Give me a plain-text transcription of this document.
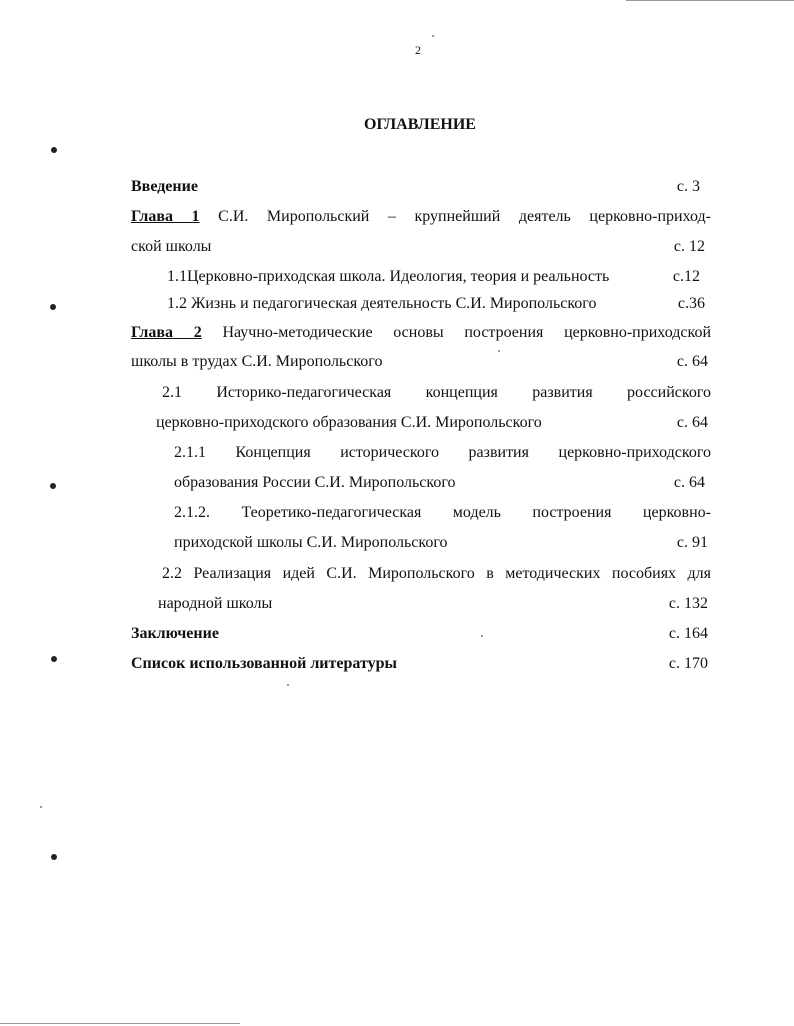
2
ОГЛАВЛЕНИЕ
Введение	с. 3
Глава 1 С.И. Миропольский – крупнейший деятель церковно-приход-
ской школы	с. 12
1.1Церковно-приходская школа. Идеология, теория и реальность	с.12
1.2 Жизнь и педагогическая деятельность С.И. Миропольского	с.36
Глава 2 Научно-методические основы построения церковно-приходской
школы в трудах С.И. Миропольского	с. 64
2.1 Историко-педагогическая концепция развития российского
церковно-приходского образования С.И. Миропольского	с. 64
2.1.1 Концепция исторического развития церковно-приходского
образования России С.И. Миропольского	с. 64
2.1.2. Теоретико-педагогическая модель построения церковно-
приходской школы С.И. Миропольского	с. 91
2.2 Реализация идей С.И. Миропольского в методических пособиях для
народной школы	с. 132
Заключение	с. 164
Список использованной литературы	с. 170
